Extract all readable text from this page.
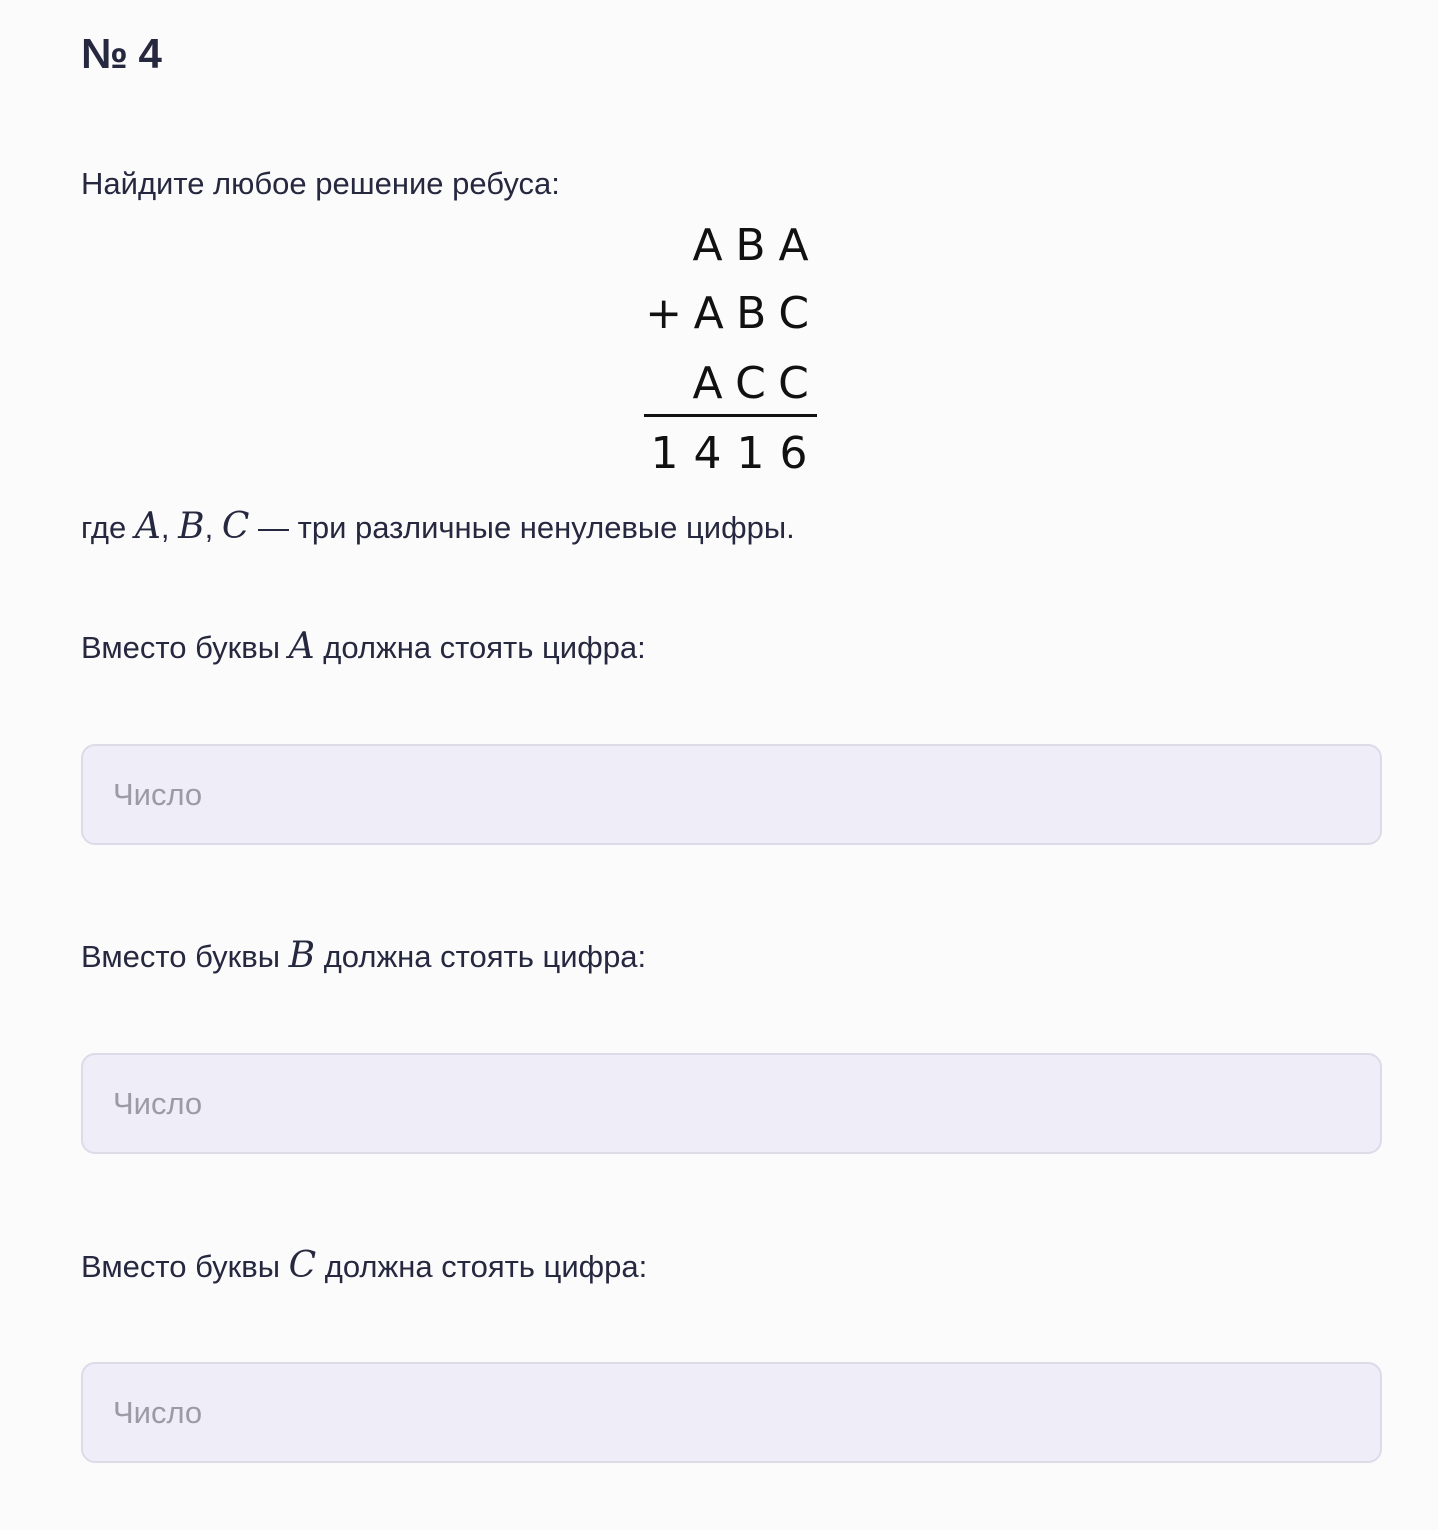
№ 4

Найдите любое решение ребуса:

A B A
+ A B C
A C C
1 4 1 6

где A, B, C — три различные ненулевые цифры.

Вместо буквы A должна стоять цифра:

Число

Вместо буквы B должна стоять цифра:

Число

Вместо буквы C должна стоять цифра:

Число
